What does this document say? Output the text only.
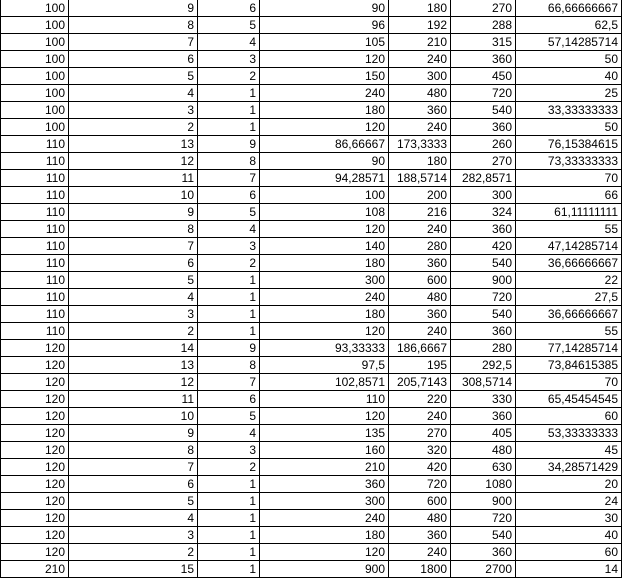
100	9	6	90	180	270	66,66666667
100	8	5	96	192	288	62,5
100	7	4	105	210	315	57,14285714
100	6	3	120	240	360	50
100	5	2	150	300	450	40
100	4	1	240	480	720	25
100	3	1	180	360	540	33,33333333
100	2	1	120	240	360	50
110	13	9	86,66667	173,3333	260	76,15384615
110	12	8	90	180	270	73,33333333
110	11	7	94,28571	188,5714	282,8571	70
110	10	6	100	200	300	66
110	9	5	108	216	324	61,11111111
110	8	4	120	240	360	55
110	7	3	140	280	420	47,14285714
110	6	2	180	360	540	36,66666667
110	5	1	300	600	900	22
110	4	1	240	480	720	27,5
110	3	1	180	360	540	36,66666667
110	2	1	120	240	360	55
120	14	9	93,33333	186,6667	280	77,14285714
120	13	8	97,5	195	292,5	73,84615385
120	12	7	102,8571	205,7143	308,5714	70
120	11	6	110	220	330	65,45454545
120	10	5	120	240	360	60
120	9	4	135	270	405	53,33333333
120	8	3	160	320	480	45
120	7	2	210	420	630	34,28571429
120	6	1	360	720	1080	20
120	5	1	300	600	900	24
120	4	1	240	480	720	30
120	3	1	180	360	540	40
120	2	1	120	240	360	60
210	15	1	900	1800	2700	14
